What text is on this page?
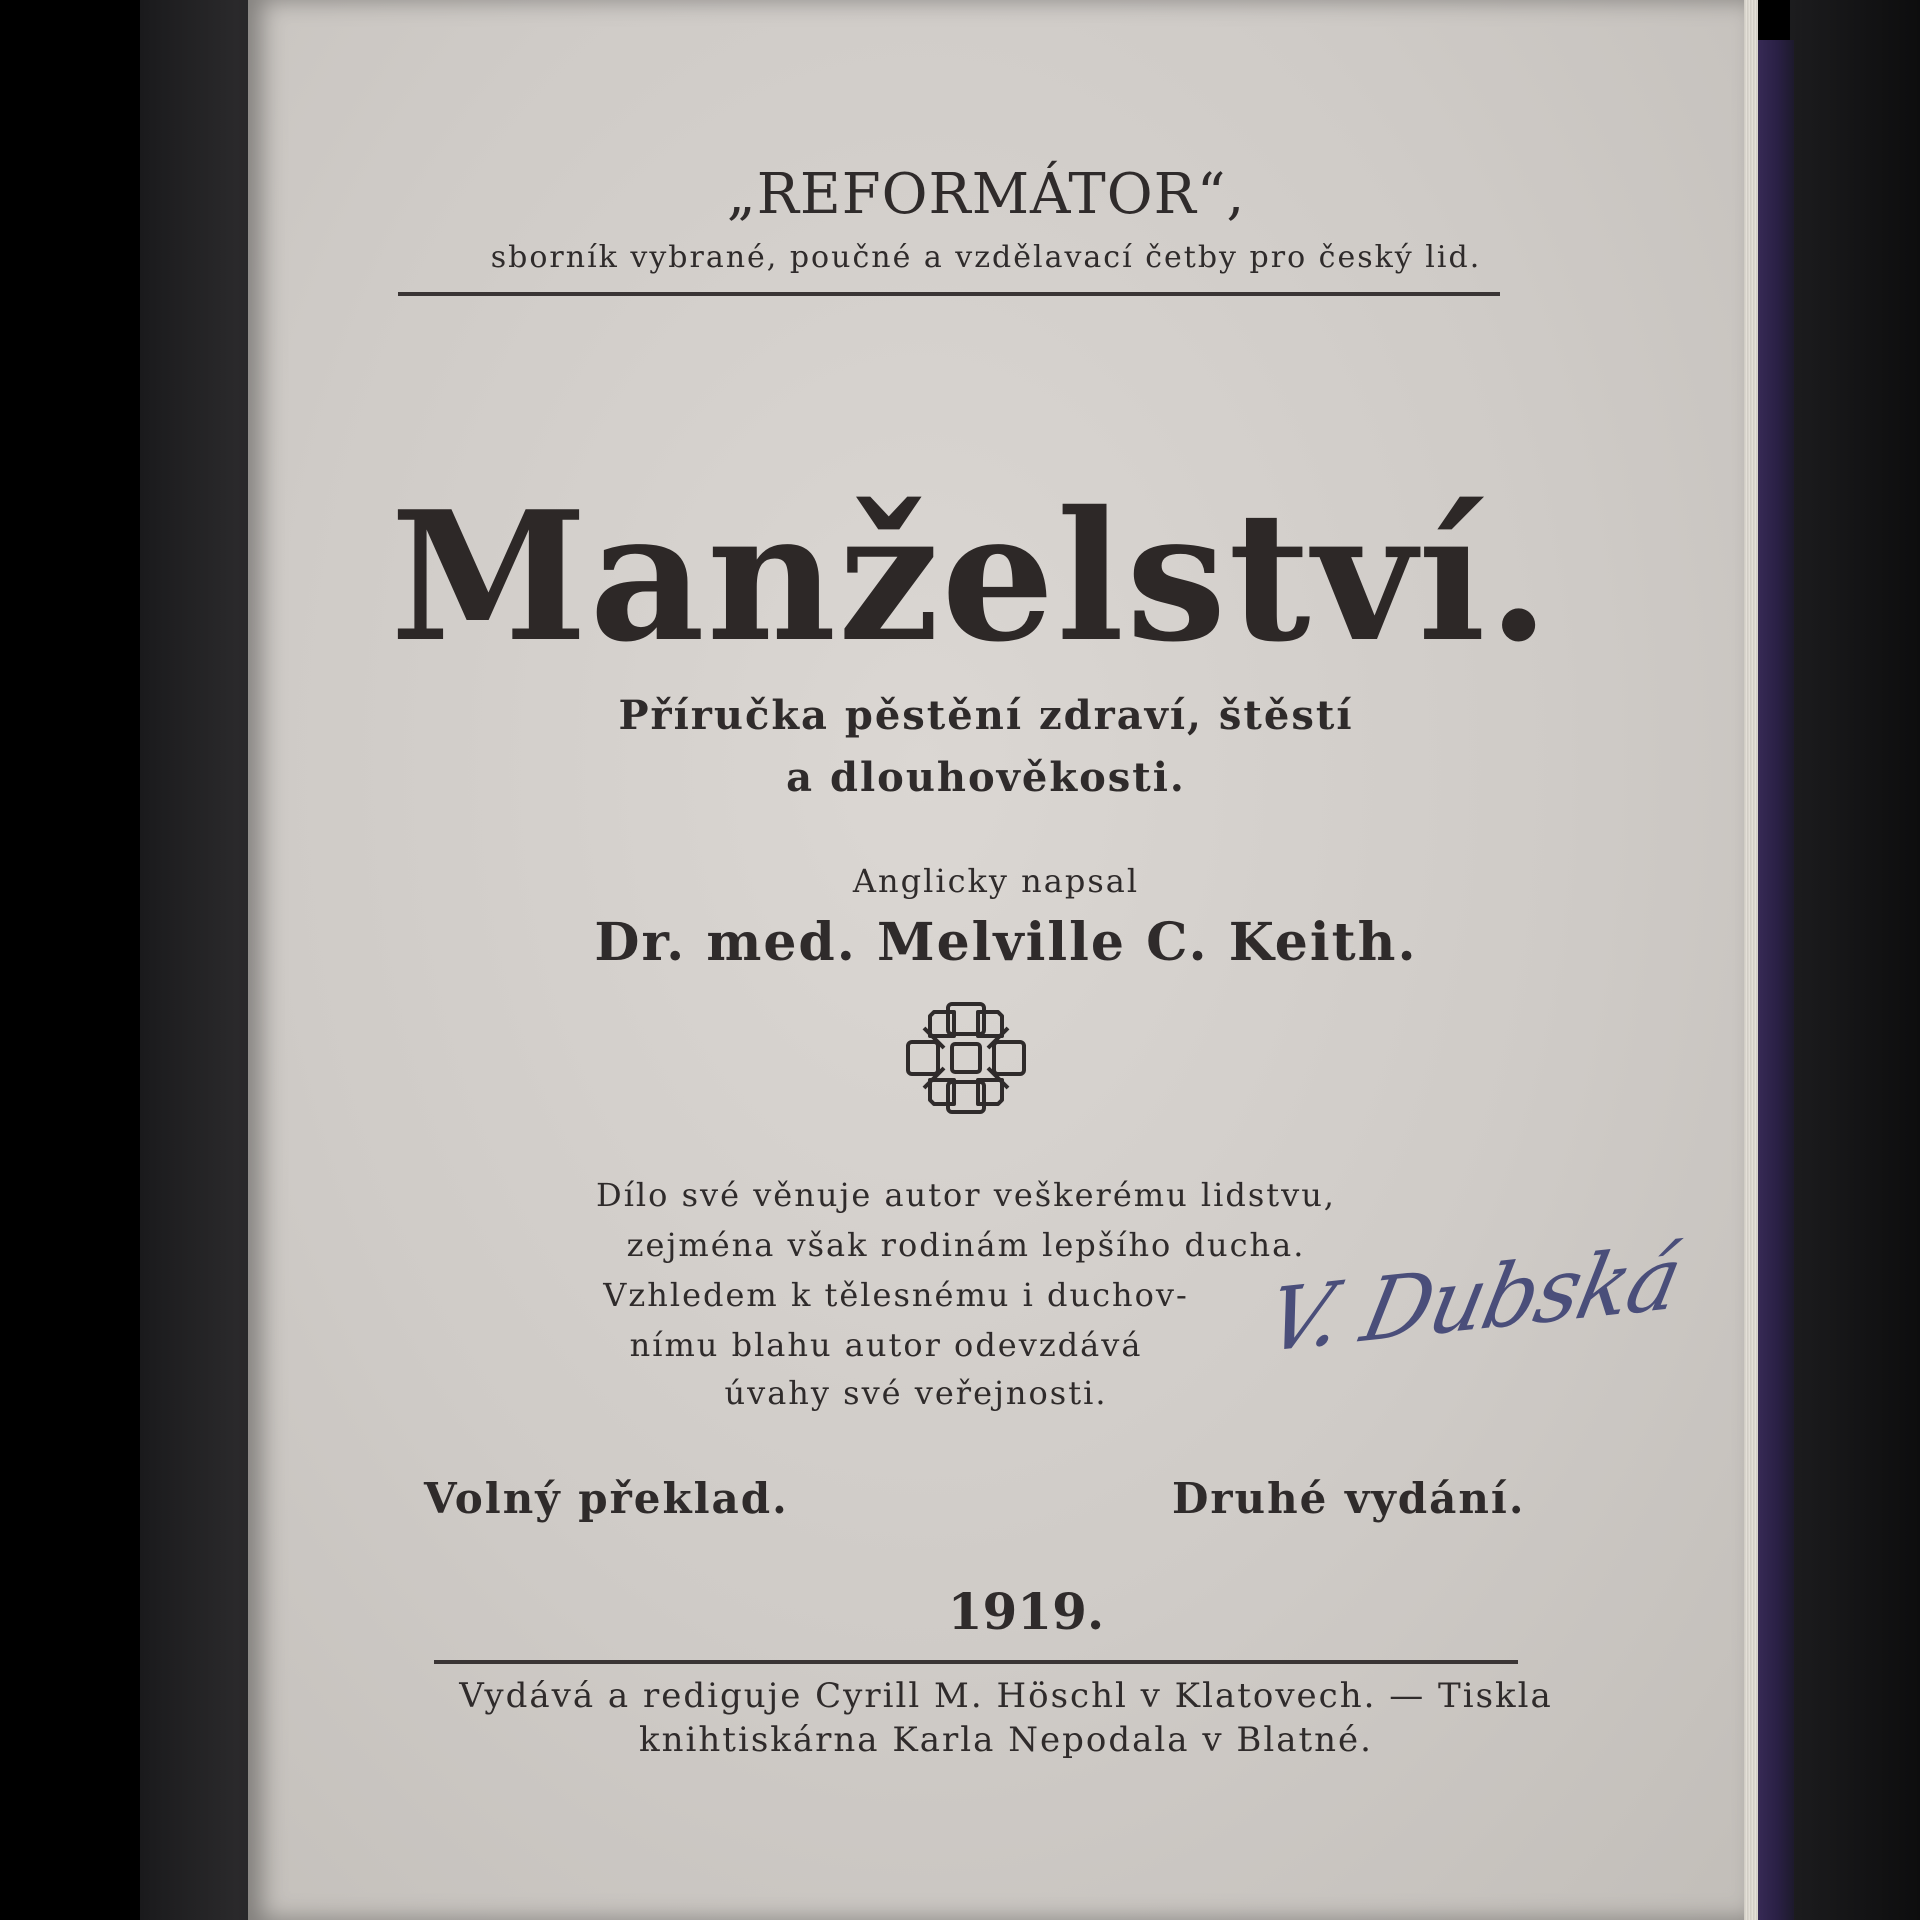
„REFORMÁTOR“,
sborník vybrané, poučné a vzdělavací četby pro český lid.
Manželství.
Příručka pěstění zdraví, štěstí
a dlouhověkosti.
Anglicky napsal
Dr. med. Melville C. Keith.
Dílo své věnuje autor veškerému lidstvu,
zejména však rodinám lepšího ducha.
Vzhledem k tělesnému i duchov-
nímu blahu autor odevzdává
úvahy své veřejnosti.
V. Dubská
Volný překlad.	Druhé vydání.
1919.
Vydává a rediguje Cyrill M. Höschl v Klatovech. — Tiskla
knihtiskárna Karla Nepodala v Blatné.
